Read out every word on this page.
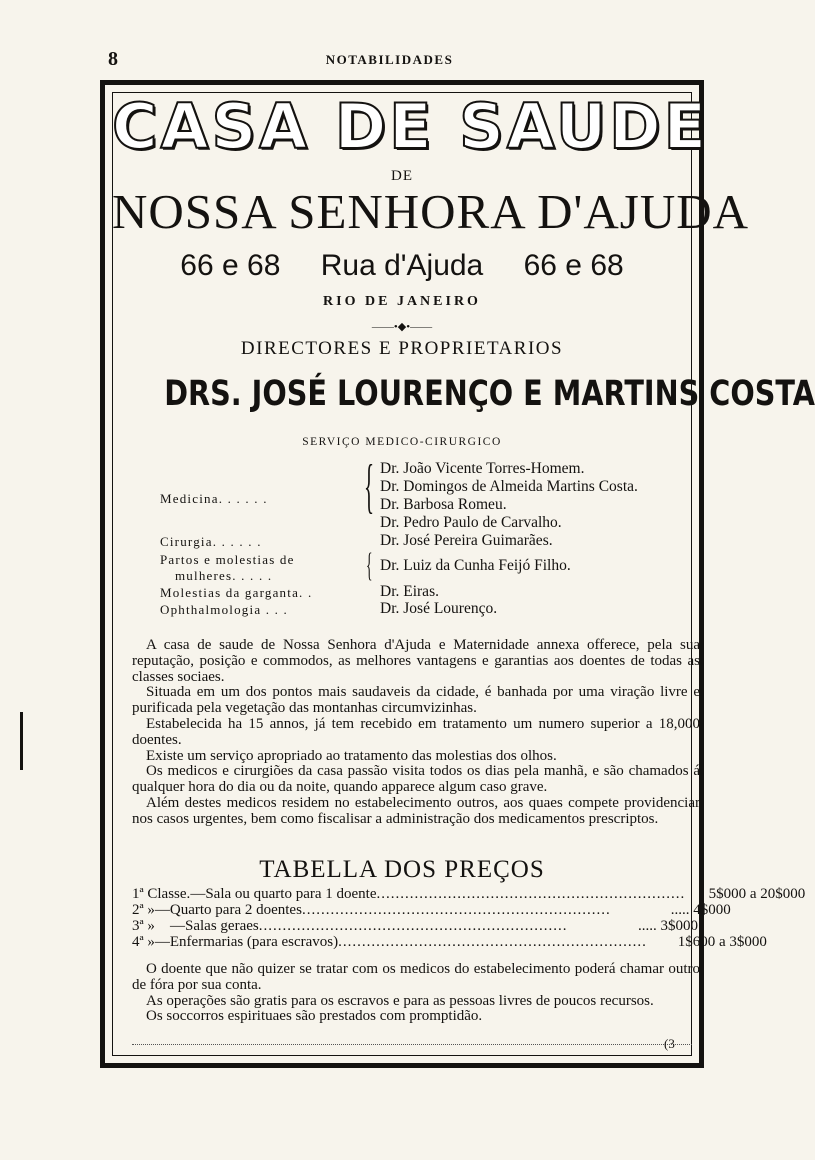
8	NOTABILIDADES
CASA DE SAUDE
DE
NOSSA SENHORA D'AJUDA
66 e 68 Rua d'Ajuda 66 e 68
RIO DE JANEIRO
——•◆•——
DIRECTORES E PROPRIETARIOS
DRS. JOSÉ LOURENÇO E MARTINS COSTA
SERVIÇO MEDICO-CIRURGICO
Medicina. . . . . . { Dr. João Vicente Torres-Homem.
Dr. Domingos de Almeida Martins Costa.
Dr. Barbosa Romeu.
Dr. Pedro Paulo de Carvalho.
Cirurgia. . . . . .	Dr. José Pereira Guimarães.
Partos e molestias de
mulheres. . . . .	{ Dr. Luiz da Cunha Feijó Filho.
Molestias da garganta. .	Dr. Eiras.
Ophthalmologia . . .	Dr. José Lourenço.
A casa de saude de Nossa Senhora d'Ajuda e Maternidade annexa offerece, pela sua reputação, posição e commodos, as melhores vantagens e garantias aos doentes de todas as classes sociaes.
Situada em um dos pontos mais saudaveis da cidade, é banhada por uma viração livre e purificada pela vegetação das montanhas circumvizinhas.
Estabelecida ha 15 annos, já tem recebido em tratamento um numero superior a 18,000 doentes.
Existe um serviço apropriado ao tratamento das molestias dos olhos.
Os medicos e cirurgiões da casa passão visita todos os dias pela manhã, e são chamados á qualquer hora do dia ou da noite, quando apparece algum caso grave.
Além destes medicos residem no estabelecimento outros, aos quaes compete providenciar nos casos urgentes, bem como fiscalisar a administração dos medicamentos prescriptos.
TABELLA DOS PREÇOS
1ª Classe. —Sala ou quarto para 1 doente .................................................................	5$000 a 20$000
2ª » —Quarto para 2 doentes .................................................................	..... 4$000
3ª »	—Salas geraes .................................................................	..... 3$000
4ª » —Enfermarias (para escravos) .................................................................	1$600 a 3$000
O doente que não quizer se tratar com os medicos do estabelecimento poderá chamar outro de fóra por sua conta.
As operações são gratis para os escravos e para as pessoas livres de poucos recursos.
Os soccorros espirituaes são prestados com promptidão.
(3
